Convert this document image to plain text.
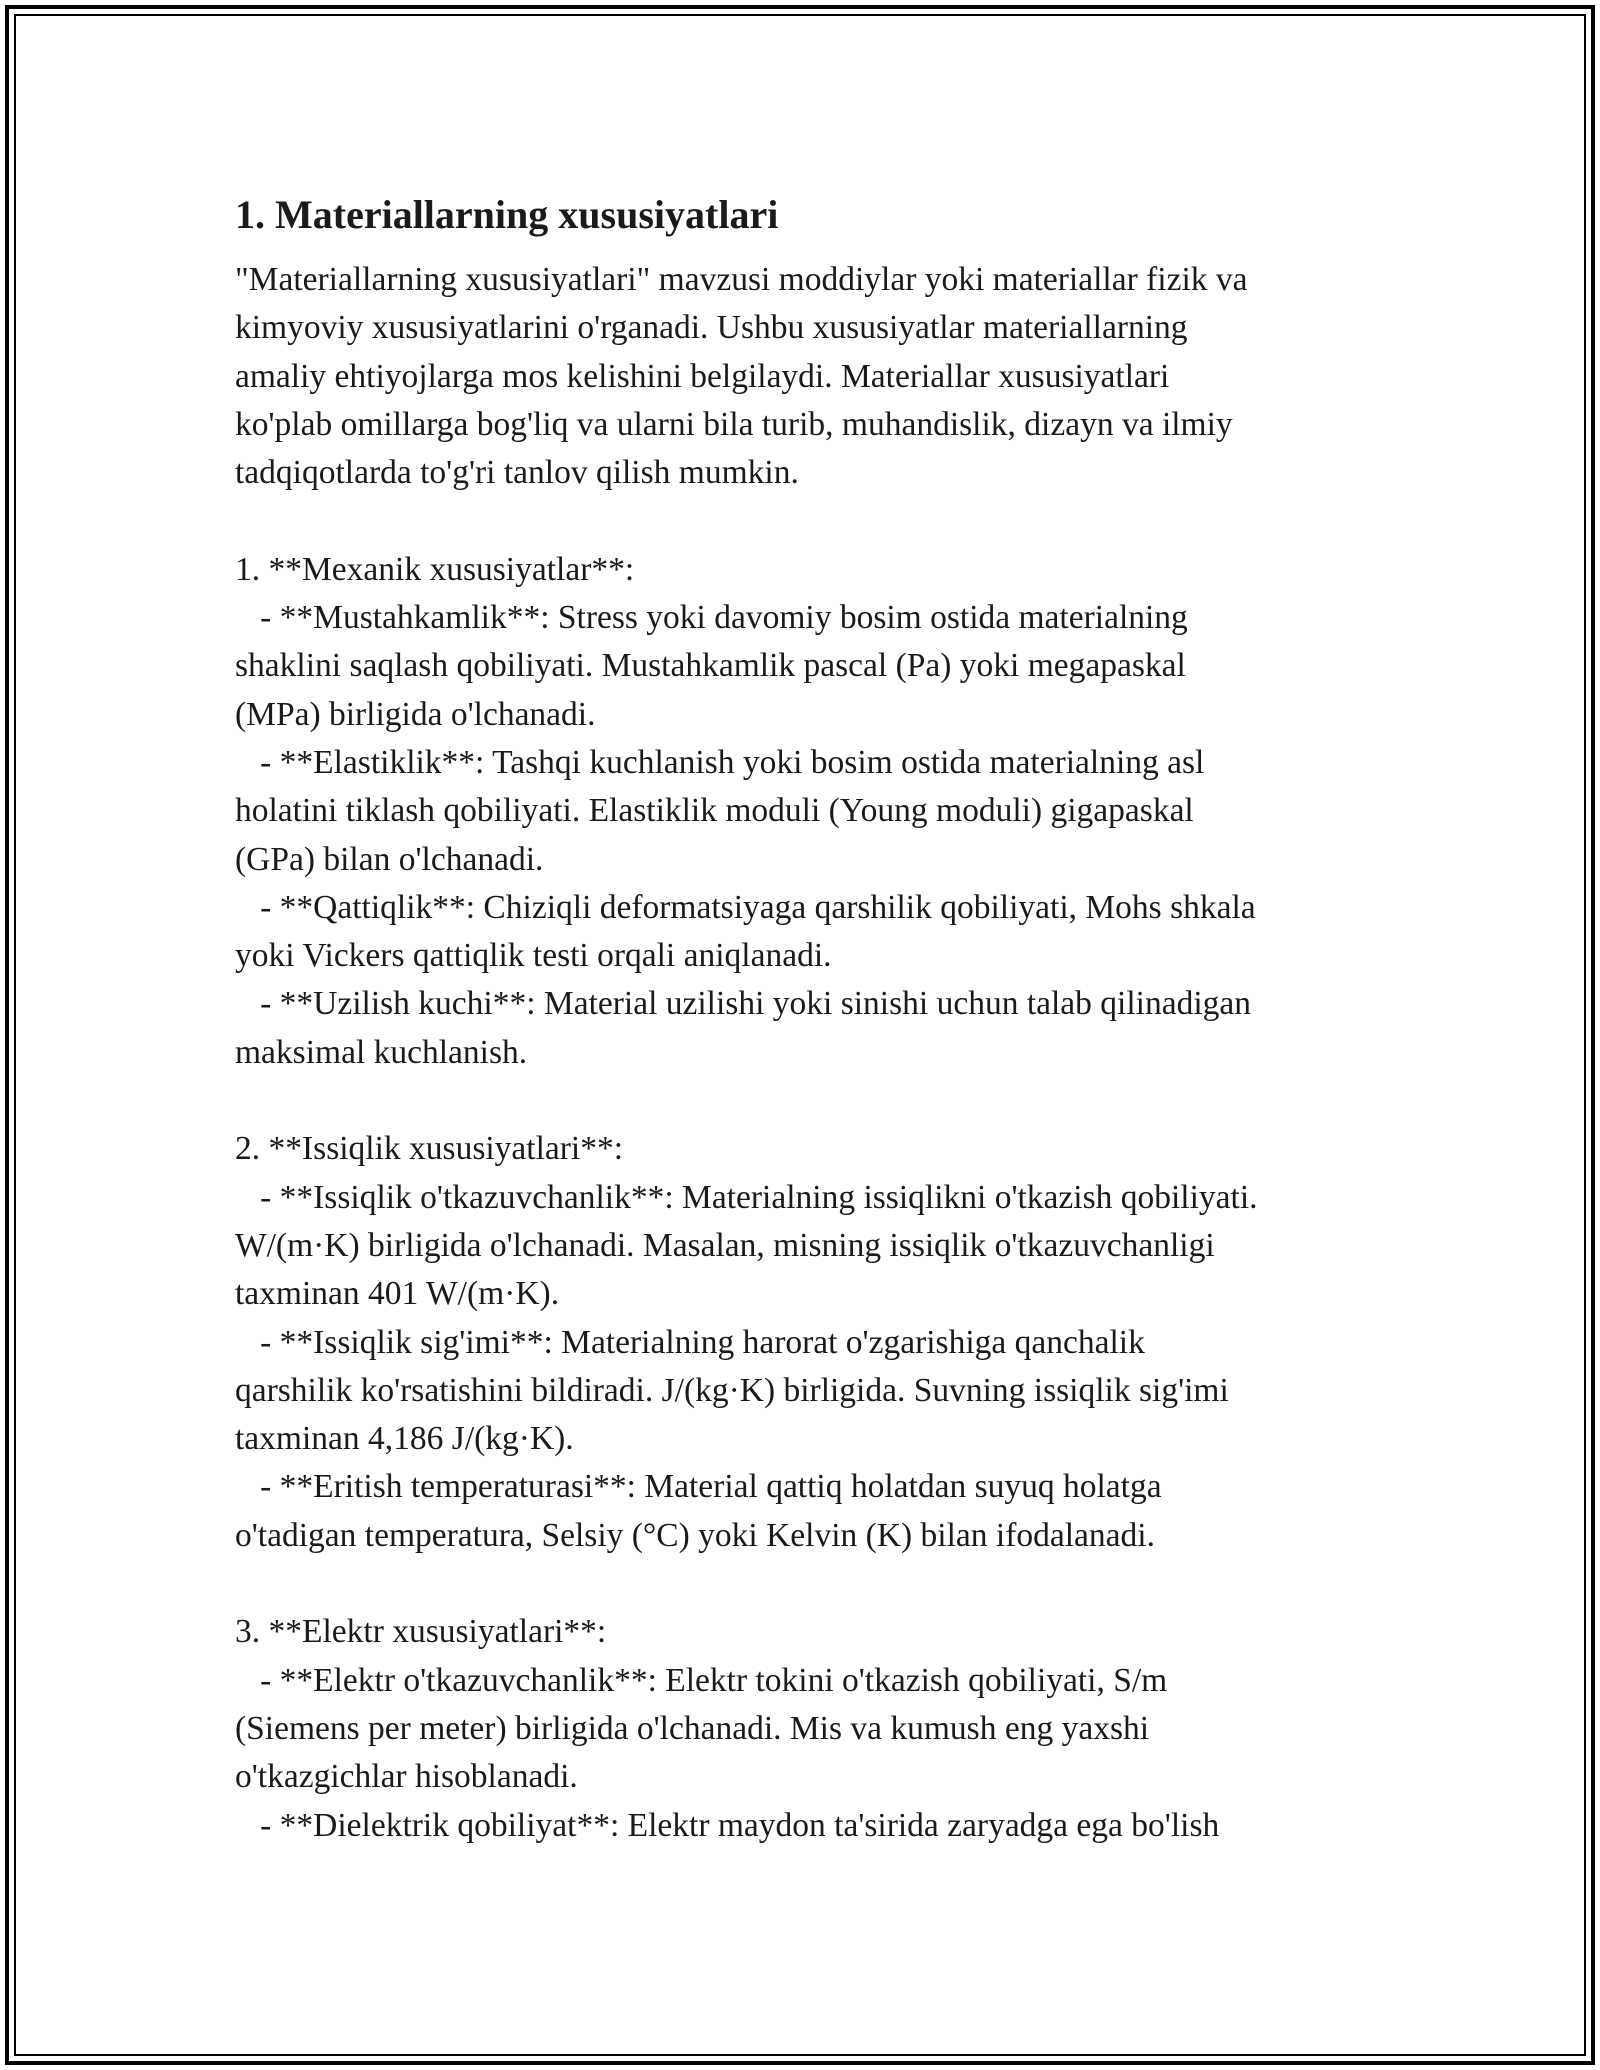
1. Materiallarning xususiyatlari
"Materiallarning xususiyatlari" mavzusi moddiylar yoki materiallar fizik va
kimyoviy xususiyatlarini o'rganadi. Ushbu xususiyatlar materiallarning
amaliy ehtiyojlarga mos kelishini belgilaydi. Materiallar xususiyatlari
ko'plab omillarga bog'liq va ularni bila turib, muhandislik, dizayn va ilmiy
tadqiqotlarda to'g'ri tanlov qilish mumkin.

1. **Mexanik xususiyatlar**:
- **Mustahkamlik**: Stress yoki davomiy bosim ostida materialning
shaklini saqlash qobiliyati. Mustahkamlik pascal (Pa) yoki megapaskal
(MPa) birligida o'lchanadi.
- **Elastiklik**: Tashqi kuchlanish yoki bosim ostida materialning asl
holatini tiklash qobiliyati. Elastiklik moduli (Young moduli) gigapaskal
(GPa) bilan o'lchanadi.
- **Qattiqlik**: Chiziqli deformatsiyaga qarshilik qobiliyati, Mohs shkala
yoki Vickers qattiqlik testi orqali aniqlanadi.
- **Uzilish kuchi**: Material uzilishi yoki sinishi uchun talab qilinadigan
maksimal kuchlanish.

2. **Issiqlik xususiyatlari**:
- **Issiqlik o'tkazuvchanlik**: Materialning issiqlikni o'tkazish qobiliyati.
W/(m·K) birligida o'lchanadi. Masalan, misning issiqlik o'tkazuvchanligi
taxminan 401 W/(m·K).
- **Issiqlik sig'imi**: Materialning harorat o'zgarishiga qanchalik
qarshilik ko'rsatishini bildiradi. J/(kg·K) birligida. Suvning issiqlik sig'imi
taxminan 4,186 J/(kg·K).
- **Eritish temperaturasi**: Material qattiq holatdan suyuq holatga
o'tadigan temperatura, Selsiy (°C) yoki Kelvin (K) bilan ifodalanadi.

3. **Elektr xususiyatlari**:
- **Elektr o'tkazuvchanlik**: Elektr tokini o'tkazish qobiliyati, S/m
(Siemens per meter) birligida o'lchanadi. Mis va kumush eng yaxshi
o'tkazgichlar hisoblanadi.
- **Dielektrik qobiliyat**: Elektr maydon ta'sirida zaryadga ega bo'lish
